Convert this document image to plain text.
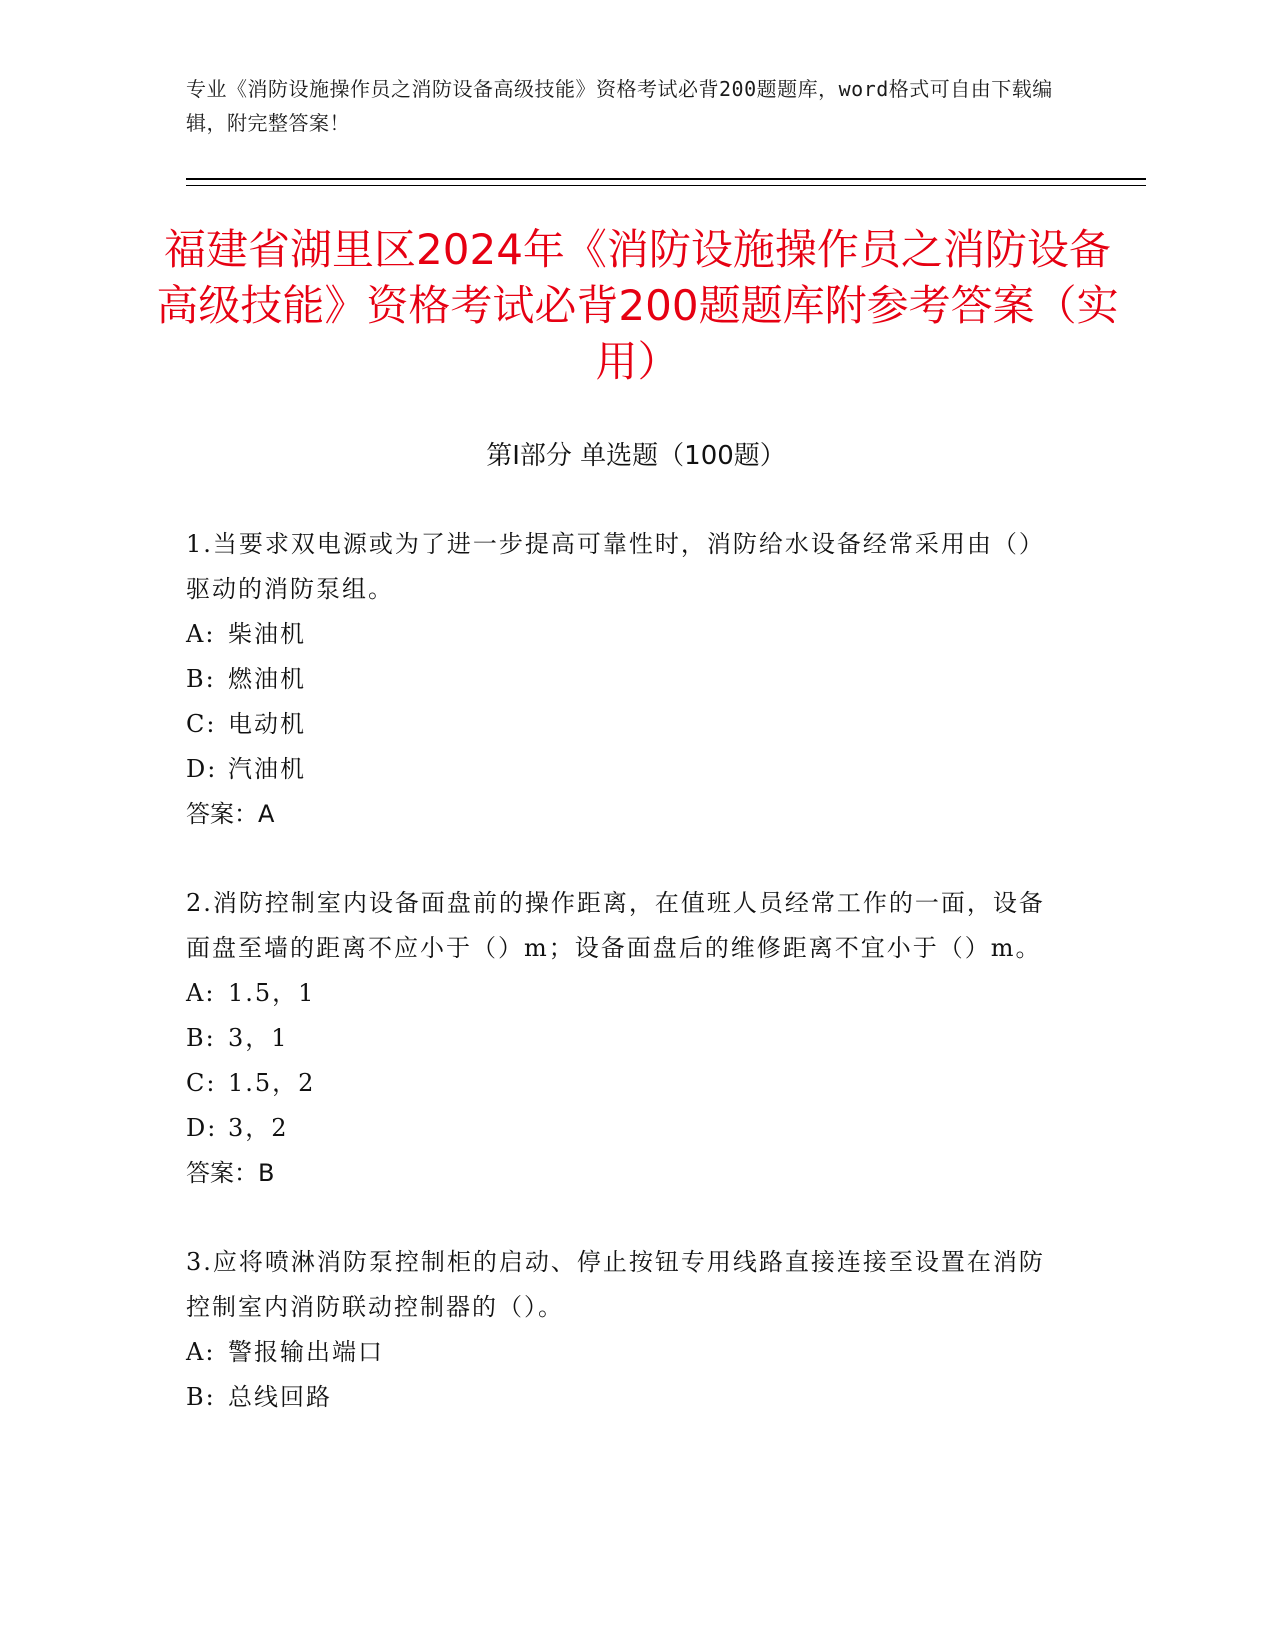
专业《消防设施操作员之消防设备高级技能》资格考试必背200题题库，word格式可自由下载编辑，附完整答案！
福建省湖里区2024年《消防设施操作员之消防设备高级技能》资格考试必背200题题库附参考答案（实用）
第I部分 单选题（100题）
1.当要求双电源或为了进一步提高可靠性时，消防给水设备经常采用由（）驱动的消防泵组。
A: 柴油机
B: 燃油机
C: 电动机
D: 汽油机
答案：A
2.消防控制室内设备面盘前的操作距离，在值班人员经常工作的一面，设备面盘至墙的距离不应小于（）m；设备面盘后的维修距离不宜小于（）m。
A: 1.5，1
B: 3，1
C: 1.5，2
D: 3，2
答案：B
3.应将喷淋消防泵控制柜的启动、停止按钮专用线路直接连接至设置在消防控制室内消防联动控制器的（）。
A: 警报输出端口
B: 总线回路
